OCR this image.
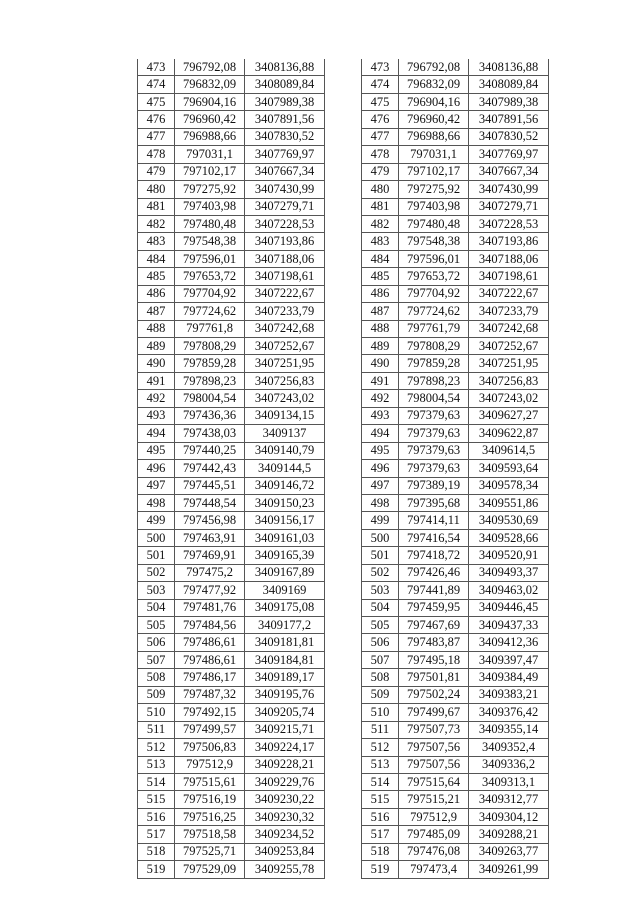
473	796792,08	3408136,88
474	796832,09	3408089,84
475	796904,16	3407989,38
476	796960,42	3407891,56
477	796988,66	3407830,52
478	797031,1	3407769,97
479	797102,17	3407667,34
480	797275,92	3407430,99
481	797403,98	3407279,71
482	797480,48	3407228,53
483	797548,38	3407193,86
484	797596,01	3407188,06
485	797653,72	3407198,61
486	797704,92	3407222,67
487	797724,62	3407233,79
488	797761,8	3407242,68
489	797808,29	3407252,67
490	797859,28	3407251,95
491	797898,23	3407256,83
492	798004,54	3407243,02
493	797436,36	3409134,15
494	797438,03	3409137
495	797440,25	3409140,79
496	797442,43	3409144,5
497	797445,51	3409146,72
498	797448,54	3409150,23
499	797456,98	3409156,17
500	797463,91	3409161,03
501	797469,91	3409165,39
502	797475,2	3409167,89
503	797477,92	3409169
504	797481,76	3409175,08
505	797484,56	3409177,2
506	797486,61	3409181,81
507	797486,61	3409184,81
508	797486,17	3409189,17
509	797487,32	3409195,76
510	797492,15	3409205,74
511	797499,57	3409215,71
512	797506,83	3409224,17
513	797512,9	3409228,21
514	797515,61	3409229,76
515	797516,19	3409230,22
516	797516,25	3409230,32
517	797518,58	3409234,52
518	797525,71	3409253,84
519	797529,09	3409255,78
473	796792,08	3408136,88
474	796832,09	3408089,84
475	796904,16	3407989,38
476	796960,42	3407891,56
477	796988,66	3407830,52
478	797031,1	3407769,97
479	797102,17	3407667,34
480	797275,92	3407430,99
481	797403,98	3407279,71
482	797480,48	3407228,53
483	797548,38	3407193,86
484	797596,01	3407188,06
485	797653,72	3407198,61
486	797704,92	3407222,67
487	797724,62	3407233,79
488	797761,79	3407242,68
489	797808,29	3407252,67
490	797859,28	3407251,95
491	797898,23	3407256,83
492	798004,54	3407243,02
493	797379,63	3409627,27
494	797379,63	3409622,87
495	797379,63	3409614,5
496	797379,63	3409593,64
497	797389,19	3409578,34
498	797395,68	3409551,86
499	797414,11	3409530,69
500	797416,54	3409528,66
501	797418,72	3409520,91
502	797426,46	3409493,37
503	797441,89	3409463,02
504	797459,95	3409446,45
505	797467,69	3409437,33
506	797483,87	3409412,36
507	797495,18	3409397,47
508	797501,81	3409384,49
509	797502,24	3409383,21
510	797499,67	3409376,42
511	797507,73	3409355,14
512	797507,56	3409352,4
513	797507,56	3409336,2
514	797515,64	3409313,1
515	797515,21	3409312,77
516	797512,9	3409304,12
517	797485,09	3409288,21
518	797476,08	3409263,77
519	797473,4	3409261,99
